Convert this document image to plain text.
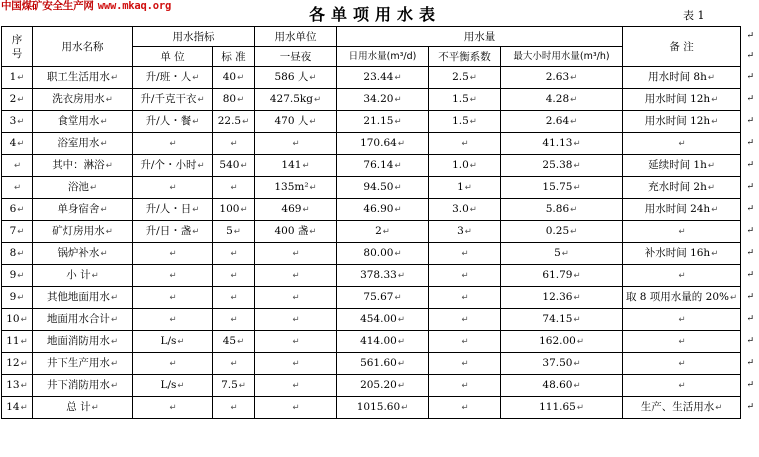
中国煤矿安全生产网 www.mkaq.org	各单项用水表	表 1
序号	用水名称	用水指标		用水单位	用水量			备 注
		单 位	标 准	一昼夜	日用水量(m³/d)	不平衡系数	最大小时用水量(m³/h)	
1↵	职工生活用水↵	升/班・人↵	40↵	586 人↵	23.44↵	2.5↵	2.63↵	用水时间 8h↵
2↵	洗衣房用水↵	升/千克干衣↵	80↵	427.5kg↵	34.20↵	1.5↵	4.28↵	用水时间 12h↵
3↵	食堂用水↵	升/人・餐↵	22.5↵	470 人↵	21.15↵	1.5↵	2.64↵	用水时间 12h↵
4↵	浴室用水↵	↵	↵	↵	170.64↵	↵	41.13↵	↵
↵	其中：淋浴↵	升/个・小时↵	540↵	141↵	76.14↵	1.0↵	25.38↵	延续时间 1h↵
↵	浴池↵	↵	↵	135m²↵	94.50↵	1↵	15.75↵	充水时间 2h↵
6↵	单身宿舍↵	升/人・日↵	100↵	469↵	46.90↵	3.0↵	5.86↵	用水时间 24h↵
7↵	矿灯房用水↵	升/日・盏↵	5↵	400 盏↵	2↵	3↵	0.25↵	↵
8↵	锅炉补水↵	↵	↵	↵	80.00↵	↵	5↵	补水时间 16h↵
9↵	小 计↵	↵	↵	↵	378.33↵	↵	61.79↵	↵
9↵	其他地面用水↵	↵	↵	↵	75.67↵	↵	12.36↵	取 8 项用水量的 20%↵
10↵	地面用水合计↵	↵	↵	↵	454.00↵	↵	74.15↵	↵
11↵	地面消防用水↵	L/s↵	45↵	↵	414.00↵	↵	162.00↵	↵
12↵	井下生产用水↵	↵	↵	↵	561.60↵	↵	37.50↵	↵
13↵	井下消防用水↵	L/s↵	7.5↵	↵	205.20↵	↵	48.60↵	↵
14↵	总 计↵	↵	↵	↵	1015.60↵	↵	111.65↵	生产、生活用水↵
↵
↵
↵
↵
↵
↵
↵
↵
↵
↵
↵
↵
↵
↵
↵
↵
↵
↵
